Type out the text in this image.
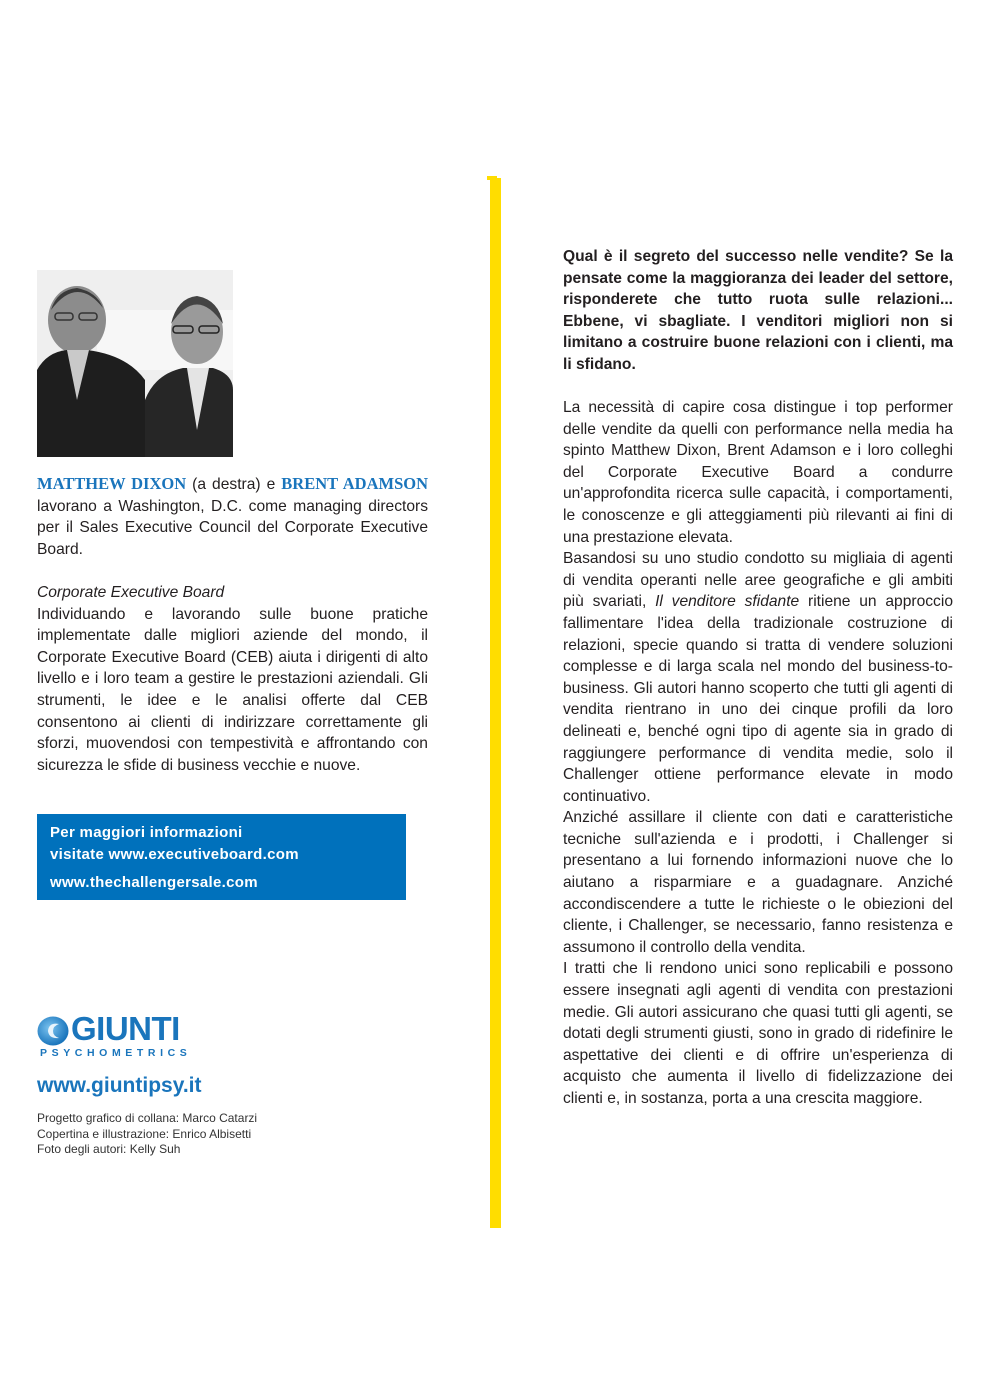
MATTHEW DIXON (a destra) e BRENT ADAMSON lavorano a Washington, D.C. come managing directors per il Sales Executive Council del Corporate Executive Board.
Corporate Executive Board
Individuando e lavorando sulle buone pratiche implementate dalle migliori aziende del mondo, il Corporate Executive Board (CEB) aiuta i dirigenti di alto livello e i loro team a gestire le prestazioni aziendali. Gli strumenti, le idee e le analisi offerte dal CEB consentono ai clienti di indirizzare correttamente gli sforzi, muovendosi con tempestività e affrontando con sicurezza le sfide di business vecchie e nuove.
Per maggiori informazioni
visitate www.executiveboard.com
www.thechallengersale.com
GIUNTI
PSYCHOMETRICS
www.giuntipsy.it
Progetto grafico di collana: Marco Catarzi
Copertina e illustrazione: Enrico Albisetti
Foto degli autori: Kelly Suh
Qual è il segreto del successo nelle vendite? Se la pensate come la maggioranza dei leader del settore, risponderete che tutto ruota sulle relazioni... Ebbene, vi sbagliate. I venditori migliori non si limitano a costruire buone relazioni con i clienti, ma li sfidano.

La necessità di capire cosa distingue i top performer delle vendite da quelli con performance nella media ha spinto Matthew Dixon, Brent Adamson e i loro colleghi del Corporate Executive Board a condurre un'approfondita ricerca sulle capacità, i comportamenti, le conoscenze e gli atteggiamenti più rilevanti ai fini di una prestazione elevata.

Basandosi su uno studio condotto su migliaia di agenti di vendita operanti nelle aree geografiche e gli ambiti più svariati, Il venditore sfidante ritiene un approccio fallimentare l'idea della tradizionale costruzione di relazioni, specie quando si tratta di vendere soluzioni complesse e di larga scala nel mondo del business-to-business. Gli autori hanno scoperto che tutti gli agenti di vendita rientrano in uno dei cinque profili da loro delineati e, benché ogni tipo di agente sia in grado di raggiungere performance di vendita medie, solo il Challenger ottiene performance elevate in modo continuativo.

Anziché assillare il cliente con dati e caratteristiche tecniche sull'azienda e i prodotti, i Challenger si presentano a lui fornendo informazioni nuove che lo aiutano a risparmiare e a guadagnare. Anziché accondiscendere a tutte le richieste o le obiezioni del cliente, i Challenger, se necessario, fanno resistenza e assumono il controllo della vendita.

I tratti che li rendono unici sono replicabili e possono essere insegnati agli agenti di vendita con prestazioni medie. Gli autori assicurano che quasi tutti gli agenti, se dotati degli strumenti giusti, sono in grado di ridefinire le aspettative dei clienti e di offrire un'esperienza di acquisto che aumenta il livello di fidelizzazione dei clienti e, in sostanza, porta a una crescita maggiore.
